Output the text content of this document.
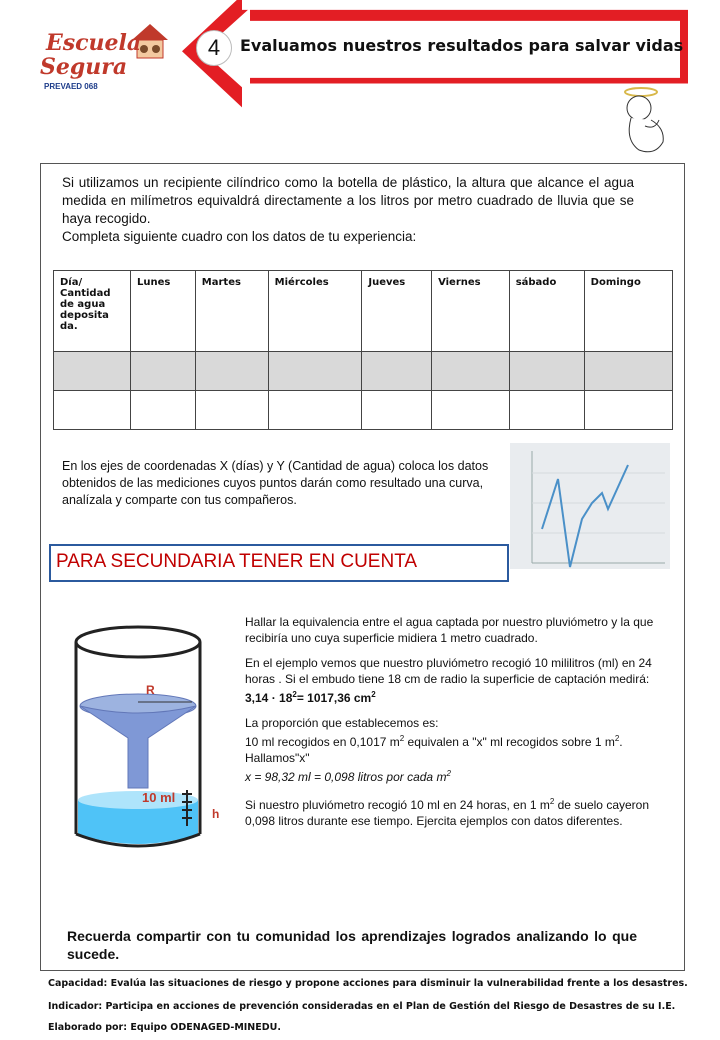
Escuela
Segura
PREVAED 068
4	Evaluamos nuestros resultados para salvar vidas
Si utilizamos un recipiente cilíndrico como la botella de plástico, la altura que alcance el agua medida en milímetros equivaldrá directamente a los litros por metro cuadrado de lluvia que se haya recogido.
Completa siguiente cuadro con los datos de tu experiencia:
Día/ Cantidad de agua deposita da.	Lunes	Martes	Miércoles	Jueves	Viernes	sábado	Domingo

En los ejes de coordenadas X (días) y Y (Cantidad de agua) coloca los datos obtenidos de las mediciones cuyos puntos darán como resultado una curva, analízala y comparte con tus compañeros.
PARA SECUNDARIA TENER EN CUENTA
R
10 ml
h

Hallar la equivalencia entre el agua captada por nuestro pluviómetro y la que recibiría uno cuya superficie midiera 1 metro cuadrado.

En el ejemplo vemos que nuestro pluviómetro recogió 10 mililitros (ml) en 24 horas . Si el embudo tiene 18 cm de radio la superficie de captación medirá: $3,14 \cdot 18^2= 1017,36$ $cm^2$

La proporción que establecemos es:
10 ml recogidos en 0,1017 $m^2$ equivalen a "x" ml recogidos sobre 1 $m^2$.
Hallamos"x"
x = 98,32 ml = 0,098 litros por cada $m^2$

Si nuestro pluviómetro recogió 10 ml en 24 horas, en 1 $m^2$ de suelo cayeron 0,098 litros durante ese tiempo. Ejercita ejemplos con datos diferentes.

Recuerda compartir con tu comunidad los aprendizajes logrados analizando lo que sucede.
Capacidad: Evalúa las situaciones de riesgo y propone acciones para disminuir la vulnerabilidad frente a los desastres.
Indicador: Participa en acciones de prevención consideradas en el Plan de Gestión del Riesgo de Desastres de su I.E.
Elaborado por: Equipo ODENAGED-MINEDU.
